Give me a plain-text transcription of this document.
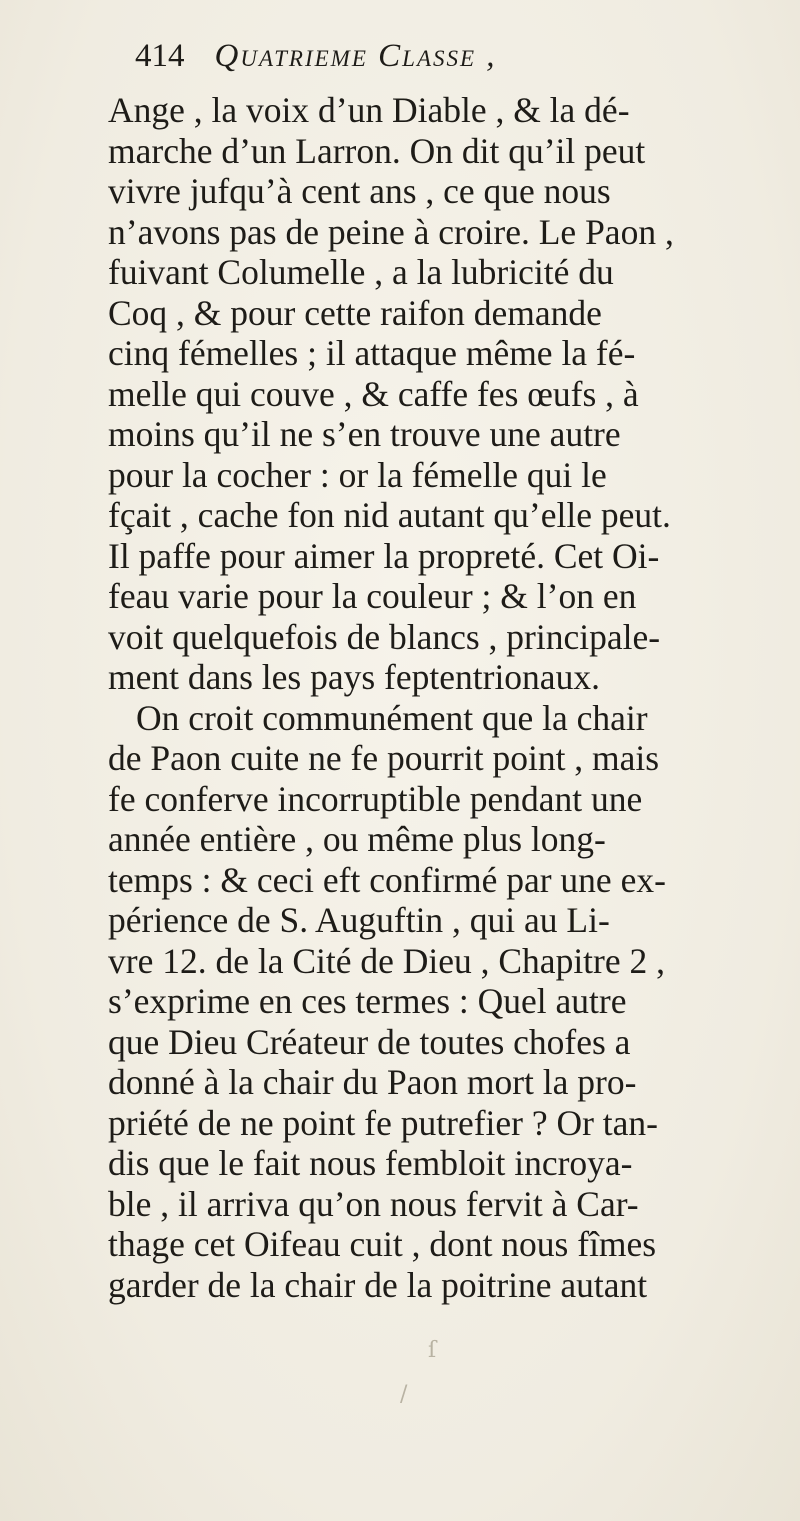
414 Quatrieme Classe ,
Ange , la voix d’un Diable , & la dé-
marche d’un Larron. On dit qu’il peut
vivre jufqu’à cent ans , ce que nous
n’avons pas de peine à croire. Le Paon ,
fuivant Columelle , a la lubricité du
Coq , & pour cette raifon demande
cinq fémelles ; il attaque même la fé-
melle qui couve , & caffe fes œufs , à
moins qu’il ne s’en trouve une autre
pour la cocher : or la fémelle qui le
fçait , cache fon nid autant qu’elle peut.
Il paffe pour aimer la propreté. Cet Oi-
feau varie pour la couleur ; & l’on en
voit quelquefois de blancs , principale-
ment dans les pays feptentrionaux.
On croit communément que la chair
de Paon cuite ne fe pourrit point , mais
fe conferve incorruptible pendant une
année entière , ou même plus long-
temps : & ceci eft confirmé par une ex-
périence de S. Auguftin , qui au Li-
vre 12. de la Cité de Dieu , Chapitre 2 ,
s’exprime en ces termes : Quel autre
que Dieu Créateur de toutes chofes a
donné à la chair du Paon mort la pro-
priété de ne point fe putrefier ? Or tan-
dis que le fait nous fembloit incroya-
ble , il arriva qu’on nous fervit à Car-
thage cet Oifeau cuit , dont nous fîmes
garder de la chair de la poitrine autant
ſ
/
